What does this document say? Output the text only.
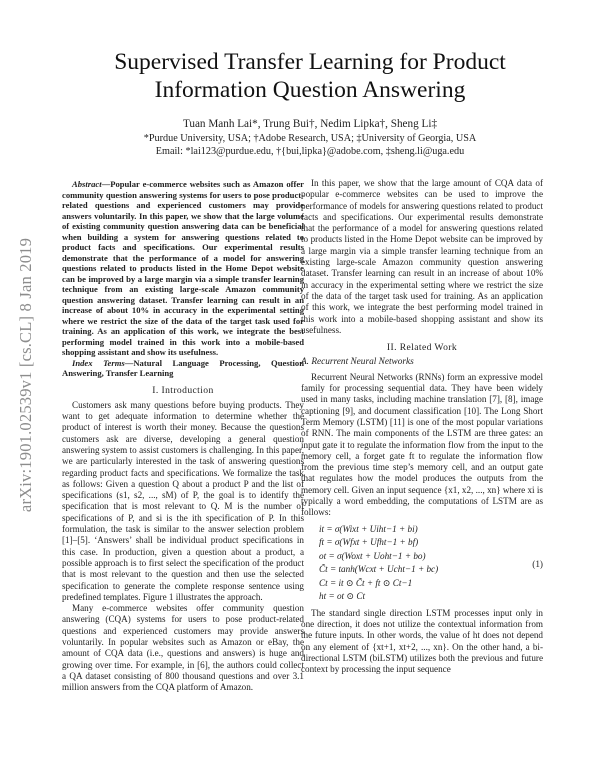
arXiv:1901.02539v1 [cs.CL] 8 Jan 2019
Supervised Transfer Learning for Product
Information Question Answering
Tuan Manh Lai*, Trung Bui†, Nedim Lipka†, Sheng Li‡
*Purdue University, USA; †Adobe Research, USA; ‡University of Georgia, USA
Email: *lai123@purdue.edu, †{bui,lipka}@adobe.com, ‡sheng.li@uga.edu

Abstract—Popular e-commerce websites such as Amazon offer community question answering systems for users to pose product-related questions and experienced customers may provide answers voluntarily. In this paper, we show that the large volume of existing community question answering data can be beneficial when building a system for answering questions related to product facts and specifications. Our experimental results demonstrate that the performance of a model for answering questions related to products listed in the Home Depot website can be improved by a large margin via a simple transfer learning technique from an existing large-scale Amazon community question answering dataset. Transfer learning can result in an increase of about 10% in accuracy in the experimental setting where we restrict the size of the data of the target task used for training. As an application of this work, we integrate the best performing model trained in this work into a mobile-based shopping assistant and show its usefulness.

Index Terms—Natural Language Processing, Question Answering, Transfer Learning

I. Introduction

Customers ask many questions before buying products. They want to get adequate information to determine whether the product of interest is worth their money. Because the questions customers ask are diverse, developing a general question answering system to assist customers is challenging. In this paper, we are particularly interested in the task of answering questions regarding product facts and specifications. We formalize the task as follows: Given a question Q about a product P and the list of specifications (s1, s2, ..., sM) of P, the goal is to identify the specification that is most relevant to Q. M is the number of specifications of P, and si is the ith specification of P. In this formulation, the task is similar to the answer selection problem [1]–[5]. ‘Answers’ shall be individual product specifications in this case. In production, given a question about a product, a possible approach is to first select the specification of the product that is most relevant to the question and then use the selected specification to generate the complete response sentence using predefined templates. Figure 1 illustrates the approach.

Many e-commerce websites offer community question answering (CQA) systems for users to pose product-related questions and experienced customers may provide answers voluntarily. In popular websites such as Amazon or eBay, the amount of CQA data (i.e., questions and answers) is huge and growing over time. For example, in [6], the authors could collect a QA dataset consisting of 800 thousand questions and over 3.1 million answers from the CQA platform of Amazon.

In this paper, we show that the large amount of CQA data of popular e-commerce websites can be used to improve the performance of models for answering questions related to product facts and specifications. Our experimental results demonstrate that the performance of a model for answering questions related to products listed in the Home Depot website can be improved by a large margin via a simple transfer learning technique from an existing large-scale Amazon community question answering dataset. Transfer learning can result in an increase of about 10% in accuracy in the experimental setting where we restrict the size of the data of the target task used for training. As an application of this work, we integrate the best performing model trained in this work into a mobile-based shopping assistant and show its usefulness.

II. Related Work
A. Recurrent Neural Networks

Recurrent Neural Networks (RNNs) form an expressive model family for processing sequential data. They have been widely used in many tasks, including machine translation [7], [8], image captioning [9], and document classification [10]. The Long Short Term Memory (LSTM) [11] is one of the most popular variations of RNN. The main components of the LSTM are three gates: an input gate it to regulate the information flow from the input to the memory cell, a forget gate ft to regulate the information flow from the previous time step’s memory cell, and an output gate that regulates how the model produces the outputs from the memory cell. Given an input sequence {x1, x2, ..., xn} where xi is typically a word embedding, the computations of LSTM are as follows:

it = σ(Wixt + Uiht−1 + bi)
ft = σ(Wfxt + Ufht−1 + bf)
ot = σ(Woxt + Uoht−1 + bo)
C̃t = tanh(Wcxt + Ucht−1 + bc)
Ct = it ⊙ C̃t + ft ⊙ Ct−1
ht = ot ⊙ Ct
(1)

The standard single direction LSTM processes input only in one direction, it does not utilize the contextual information from the future inputs. In other words, the value of ht does not depend on any element of {xt+1, xt+2, ..., xn}. On the other hand, a bi-directional LSTM (biLSTM) utilizes both the previous and future context by processing the input sequence
